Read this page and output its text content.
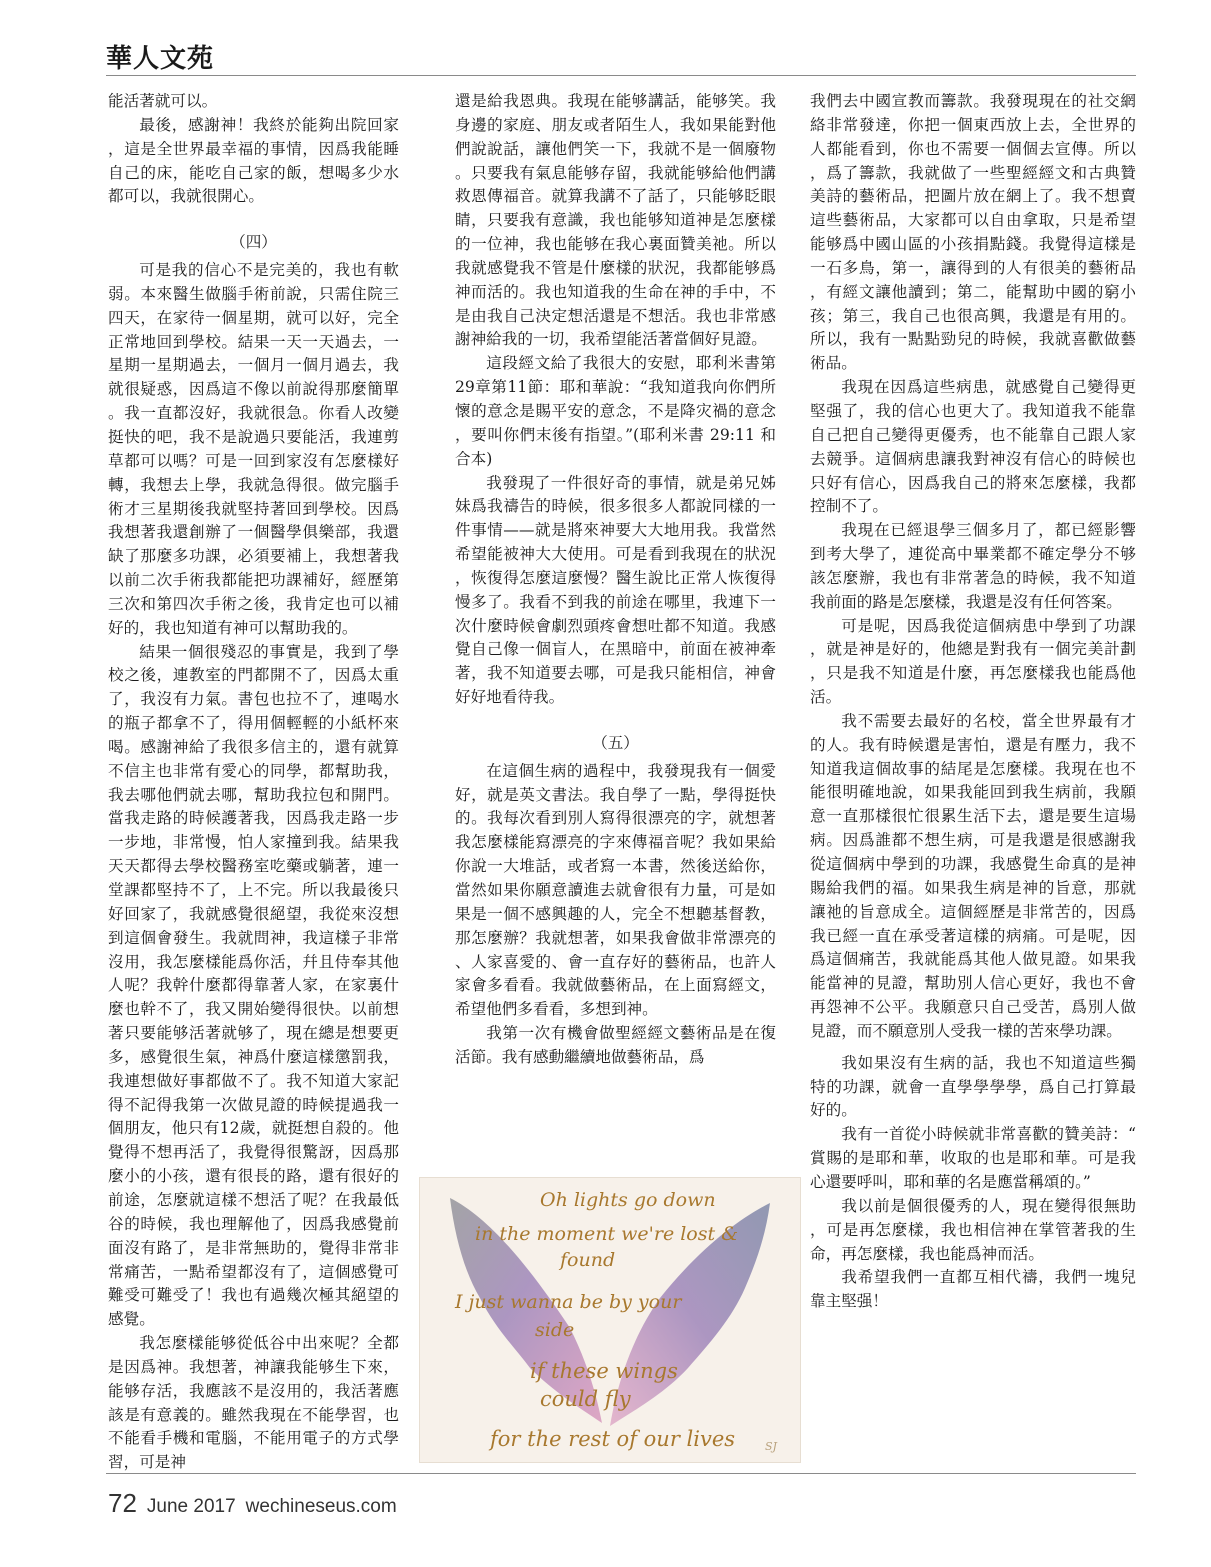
華人文苑

能活著就可以。

最後，感謝神！我終於能夠出院回家，這是全世界最幸福的事情，因爲我能睡自己的床，能吃自己家的飯，想喝多少水都可以，我就很開心。

（四）

可是我的信心不是完美的，我也有軟弱。本來醫生做腦手術前說，只需住院三四天，在家待一個星期，就可以好，完全正常地回到學校。結果一天一天過去，一星期一星期過去，一個月一個月過去，我就很疑惑，因爲這不像以前說得那麼簡單。我一直都沒好，我就很急。你看人改變挺快的吧，我不是說過只要能活，我連剪草都可以嗎？可是一回到家沒有怎麼樣好轉，我想去上學，我就急得很。做完腦手術才三星期後我就堅持著回到學校。因爲我想著我還創辦了一個醫學俱樂部，我還缺了那麼多功課，必須要補上，我想著我以前二次手術我都能把功課補好，經歷第三次和第四次手術之後，我肯定也可以補好的，我也知道有神可以幫助我的。

結果一個很殘忍的事實是，我到了學校之後，連教室的門都開不了，因爲太重了，我沒有力氣。書包也拉不了，連喝水的瓶子都拿不了，得用個輕輕的小紙杯來喝。感謝神給了我很多信主的，還有就算不信主也非常有愛心的同學，都幫助我，我去哪他們就去哪，幫助我拉包和開門。當我走路的時候護著我，因爲我走路一步一步地，非常慢，怕人家撞到我。結果我天天都得去學校醫務室吃藥或躺著，連一堂課都堅持不了，上不完。所以我最後只好回家了，我就感覺很絕望，我從來沒想到這個會發生。我就問神，我這樣子非常沒用，我怎麼樣能爲你活，幷且侍奉其他人呢？我幹什麼都得靠著人家，在家裏什麼也幹不了，我又開始變得很快。以前想著只要能够活著就够了，現在總是想要更多，感覺很生氣，神爲什麼這樣懲罰我，我連想做好事都做不了。我不知道大家記得不記得我第一次做見證的時候提過我一個朋友，他只有12歲，就挺想自殺的。他覺得不想再活了，我覺得很驚訝，因爲那麼小的小孩，還有很長的路，還有很好的前途，怎麼就這樣不想活了呢？在我最低谷的時候，我也理解他了，因爲我感覺前面沒有路了，是非常無助的，覺得非常非常痛苦，一點希望都沒有了，這個感覺可難受可難受了！我也有過幾次極其絕望的感覺。

我怎麼樣能够從低谷中出來呢？全都是因爲神。我想著，神讓我能够生下來，能够存活，我應該不是沒用的，我活著應該是有意義的。雖然我現在不能學習，也不能看手機和電腦，不能用電子的方式學習，可是神

還是給我恩典。我現在能够講話，能够笑。我身邊的家庭、朋友或者陌生人，我如果能對他們說說話，讓他們笑一下，我就不是一個廢物。只要我有氣息能够存留，我就能够給他們講救恩傳福音。就算我講不了話了，只能够眨眼睛，只要我有意識，我也能够知道神是怎麼樣的一位神，我也能够在我心裏面贊美祂。所以我就感覺我不管是什麼樣的狀況，我都能够爲神而活的。我也知道我的生命在神的手中，不是由我自己決定想活還是不想活。我也非常感謝神給我的一切，我希望能活著當個好見證。

這段經文給了我很大的安慰，耶利米書第29章第11節：耶和華說：“我知道我向你們所懷的意念是賜平安的意念，不是降灾禍的意念，要叫你們末後有指望。”(耶利米書 29:11 和合本)

我發現了一件很好奇的事情，就是弟兄姊妹爲我禱告的時候，很多很多人都說同樣的一件事情——就是將來神要大大地用我。我當然希望能被神大大使用。可是看到我現在的狀況，恢復得怎麼這麼慢？醫生說比正常人恢復得慢多了。我看不到我的前途在哪里，我連下一次什麼時候會劇烈頭疼會想吐都不知道。我感覺自己像一個盲人，在黑暗中，前面在被神牽著，我不知道要去哪，可是我只能相信，神會好好地看待我。

（五）

在這個生病的過程中，我發現我有一個愛好，就是英文書法。我自學了一點，學得挺快的。我每次看到別人寫得很漂亮的字，就想著我怎麼樣能寫漂亮的字來傳福音呢？我如果給你說一大堆話，或者寫一本書，然後送給你，當然如果你願意讀進去就會很有力量，可是如果是一個不感興趣的人，完全不想聽基督教，那怎麼辦？我就想著，如果我會做非常漂亮的、人家喜愛的、會一直存好的藝術品，也許人家會多看看。我就做藝術品，在上面寫經文，希望他們多看看，多想到神。

我第一次有機會做聖經經文藝術品是在復活節。我有感動繼續地做藝術品，爲

我們去中國宣教而籌款。我發現現在的社交網絡非常發達，你把一個東西放上去，全世界的人都能看到，你也不需要一個個去宣傳。所以，爲了籌款，我就做了一些聖經經文和古典贊美詩的藝術品，把圖片放在網上了。我不想賣這些藝術品，大家都可以自由拿取，只是希望能够爲中國山區的小孩捐點錢。我覺得這樣是一石多鳥，第一，讓得到的人有很美的藝術品，有經文讓他讀到；第二，能幫助中國的窮小孩；第三，我自己也很高興，我還是有用的。所以，我有一點點勁兒的時候，我就喜歡做藝術品。

我現在因爲這些病患，就感覺自己變得更堅强了，我的信心也更大了。我知道我不能靠自己把自己變得更優秀，也不能靠自己跟人家去競爭。這個病患讓我對神沒有信心的時候也只好有信心，因爲我自己的將來怎麼樣，我都控制不了。

我現在已經退學三個多月了，都已經影響到考大學了，連從高中畢業都不確定學分不够該怎麼辦，我也有非常著急的時候，我不知道我前面的路是怎麼樣，我還是沒有任何答案。

可是呢，因爲我從這個病患中學到了功課，就是神是好的，他總是對我有一個完美計劃，只是我不知道是什麼，再怎麼樣我也能爲他活。

我不需要去最好的名校，當全世界最有才的人。我有時候還是害怕，還是有壓力，我不知道我這個故事的結尾是怎麼樣。我現在也不能很明確地說，如果我能回到我生病前，我願意一直那樣很忙很累生活下去，還是要生這場病。因爲誰都不想生病，可是我還是很感謝我從這個病中學到的功課，我感覺生命真的是神賜給我們的福。如果我生病是神的旨意，那就讓祂的旨意成全。這個經歷是非常苦的，因爲我已經一直在承受著這樣的病痛。可是呢，因爲這個痛苦，我就能爲其他人做見證。如果我能當神的見證，幫助別人信心更好，我也不會再怨神不公平。我願意只自己受苦，爲別人做見證，而不願意別人受我一樣的苦來學功課。

我如果沒有生病的話，我也不知道這些獨特的功課，就會一直學學學學，爲自己打算最好的。

我有一首從小時候就非常喜歡的贊美詩：“賞賜的是耶和華，收取的也是耶和華。可是我心還要呼叫，耶和華的名是應當稱頌的。”

我以前是個很優秀的人，現在變得很無助，可是再怎麼樣，我也相信神在掌管著我的生命，再怎麼樣，我也能爲神而活。

我希望我們一直都互相代禱，我們一塊兒靠主堅强！

Oh lights go down
in the moment we're lost &
found
I just wanna be by your
side
if these wings
could fly
for the rest of our lives	SJ
72 June 2017 wechineseus.com
